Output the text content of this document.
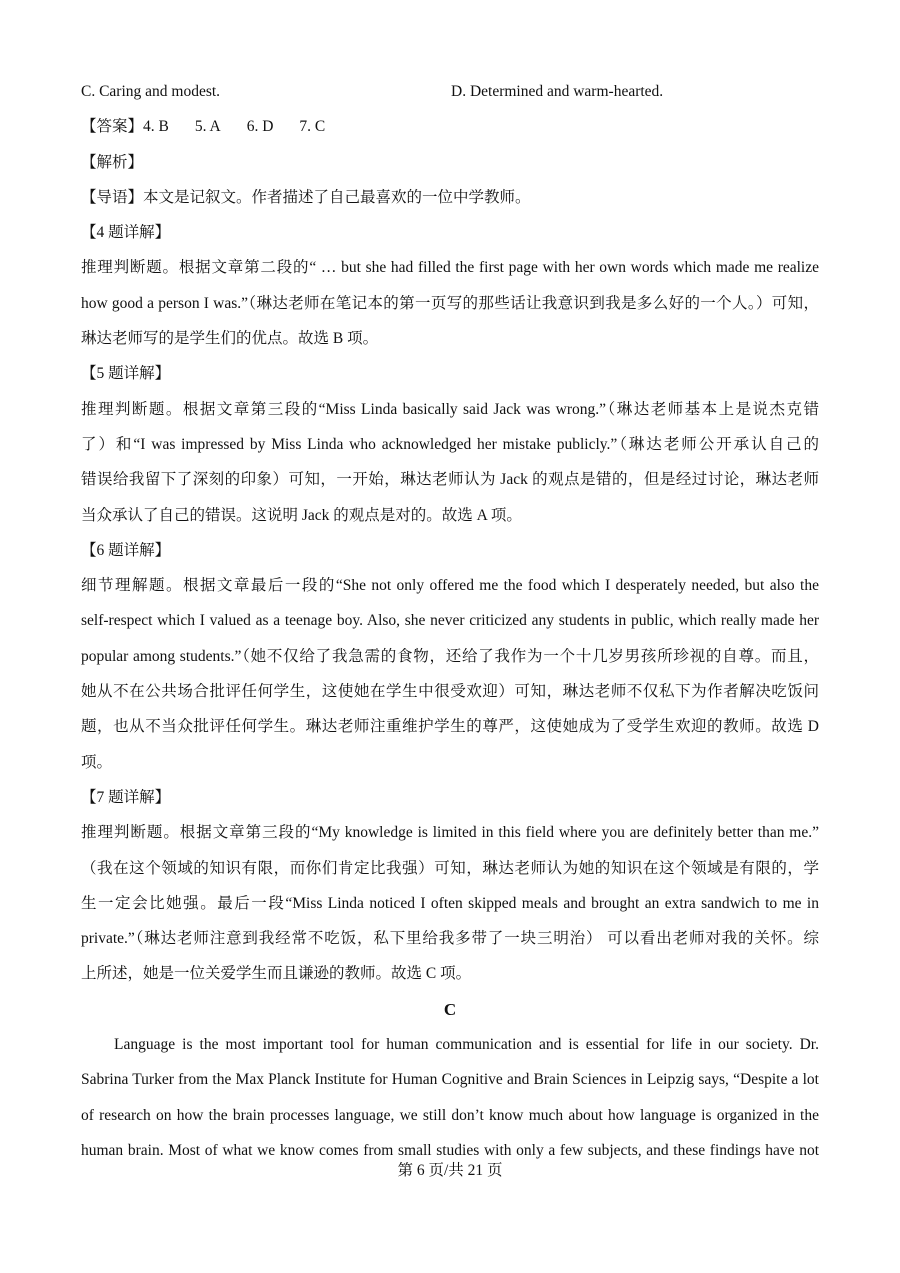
C. Caring and modest.	D. Determined and warm-hearted.
【答案】4. B 5. A 6. D 7. C
【解析】
【导语】本文是记叙文。作者描述了自己最喜欢的一位中学教师。
【4 题详解】
推理判断题。根据文章第二段的“ … but she had filled the first page with her own words which made me realize
how good a person I was.”（琳达老师在笔记本的第一页写的那些话让我意识到我是多么好的一个人。）可知，
琳达老师写的是学生们的优点。故选 B 项。
【5 题详解】
推理判断题。根据文章第三段的“Miss Linda basically said Jack was wrong.”（琳达老师基本上是说杰克错
了）和“I was impressed by Miss Linda who acknowledged her mistake publicly.”（琳达老师公开承认自己的
错误给我留下了深刻的印象）可知，一开始，琳达老师认为 Jack 的观点是错的，但是经过讨论，琳达老师
当众承认了自己的错误。这说明 Jack 的观点是对的。故选 A 项。
【6 题详解】
细节理解题。根据文章最后一段的“She not only offered me the food which I desperately needed, but also the
self-respect which I valued as a teenage boy. Also, she never criticized any students in public, which really made her
popular among students.”（她不仅给了我急需的食物，还给了我作为一个十几岁男孩所珍视的自尊。而且，
她从不在公共场合批评任何学生，这使她在学生中很受欢迎）可知，琳达老师不仅私下为作者解决吃饭问
题，也从不当众批评任何学生。琳达老师注重维护学生的尊严，这使她成为了受学生欢迎的教师。故选 D
项。
【7 题详解】
推理判断题。根据文章第三段的“My knowledge is limited in this field where you are definitely better than me.”
（我在这个领域的知识有限，而你们肯定比我强）可知，琳达老师认为她的知识在这个领域是有限的，学
生一定会比她强。最后一段“Miss Linda noticed I often skipped meals and brought an extra sandwich to me in
private.”（琳达老师注意到我经常不吃饭，私下里给我多带了一块三明治） 可以看出老师对我的关怀。综
上所述，她是一位关爱学生而且谦逊的教师。故选 C 项。
C
Language is the most important tool for human communication and is essential for life in our society. Dr.
Sabrina Turker from the Max Planck Institute for Human Cognitive and Brain Sciences in Leipzig says, “Despite a lot
of research on how the brain processes language, we still don’t know much about how language is organized in the
human brain. Most of what we know comes from small studies with only a few subjects, and these findings have not
第 6 页/共 21 页
